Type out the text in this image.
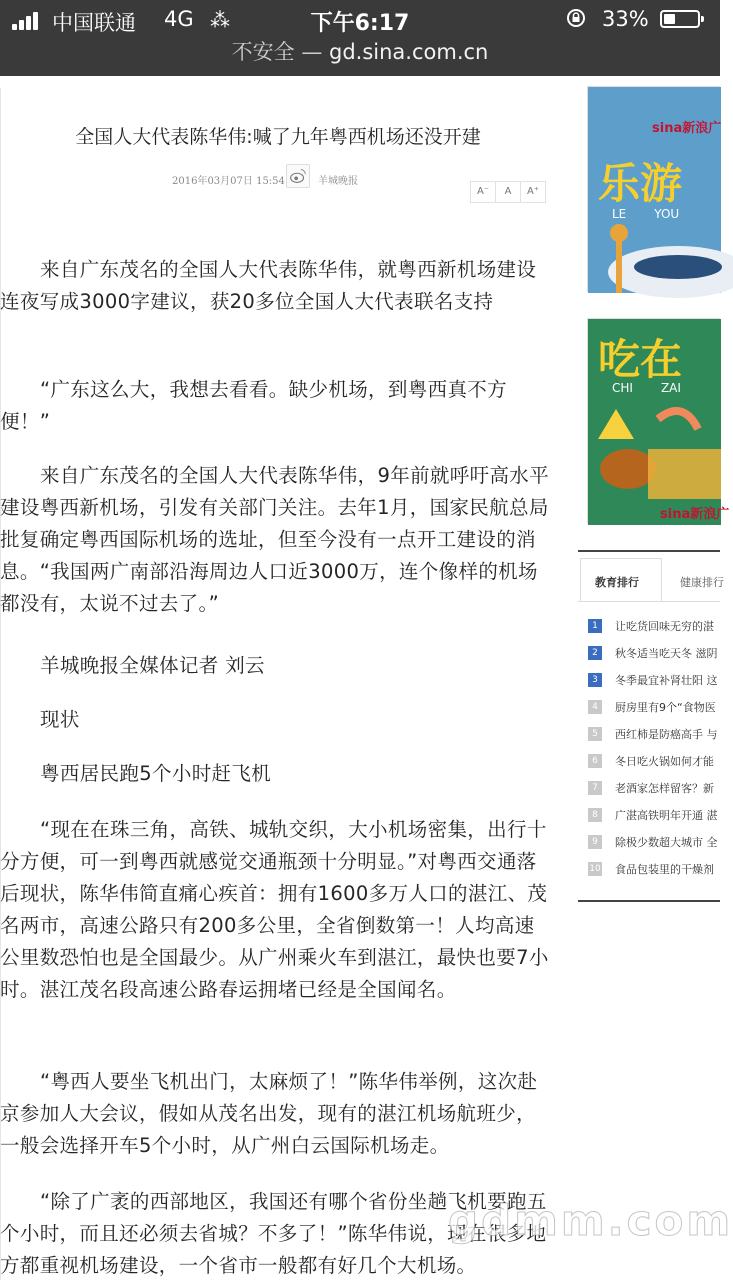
中国联通 4G ⁂	下午6:17	33%
不安全 — gd.sina.com.cn
全国人大代表陈华伟:喊了九年粤西机场还没开建
2016年03月07日 15:54	羊城晚报
A⁻	A	A⁺

来自广东茂名的全国人大代表陈华伟，就粤西新机场建设连夜写成3000字建议，获20多位全国人大代表联名支持

“广东这么大，我想去看看。缺少机场，到粤西真不方便！”

来自广东茂名的全国人大代表陈华伟，9年前就呼吁高水平建设粤西新机场，引发有关部门关注。去年1月，国家民航总局批复确定粤西国际机场的选址，但至今没有一点开工建设的消息。“我国两广南部沿海周边人口近3000万，连个像样的机场都没有，太说不过去了。”

羊城晚报全媒体记者 刘云

现状

粤西居民跑5个小时赶飞机

“现在在珠三角，高铁、城轨交织，大小机场密集，出行十分方便，可一到粤西就感觉交通瓶颈十分明显。”对粤西交通落后现状，陈华伟简直痛心疾首：拥有1600多万人口的湛江、茂名两市，高速公路只有200多公里，全省倒数第一！人均高速公里数恐怕也是全国最少。从广州乘火车到湛江，最快也要7小时。湛江茂名段高速公路春运拥堵已经是全国闻名。

“粤西人要坐飞机出门，太麻烦了！”陈华伟举例，这次赴京参加人大会议，假如从茂名出发，现有的湛江机场航班少，一般会选择开车5个小时，从广州白云国际机场走。

“除了广袤的西部地区，我国还有哪个省份坐趟飞机要跑五个小时，而且还必须去省城？不多了！”陈华伟说，现在很多地方都重视机场建设，一个省市一般都有好几个大机场。

sina新浪广
乐游
LE YOU
吃在
CHI ZAI
sina新浪广
教育排行	健康排行
1	让吃货回味无穷的湛
2	秋冬适当吃天冬 滋阴
3	冬季最宜补肾壮阳 这
4	厨房里有9个“食物医
5	西红柿是防癌高手 与
6	冬日吃火锅如何才能
7	老酒家怎样留客？新
8	广湛高铁明年开通 湛
9	除极少数超大城市 全
10 食品包装里的干燥剂
gdmm.com
